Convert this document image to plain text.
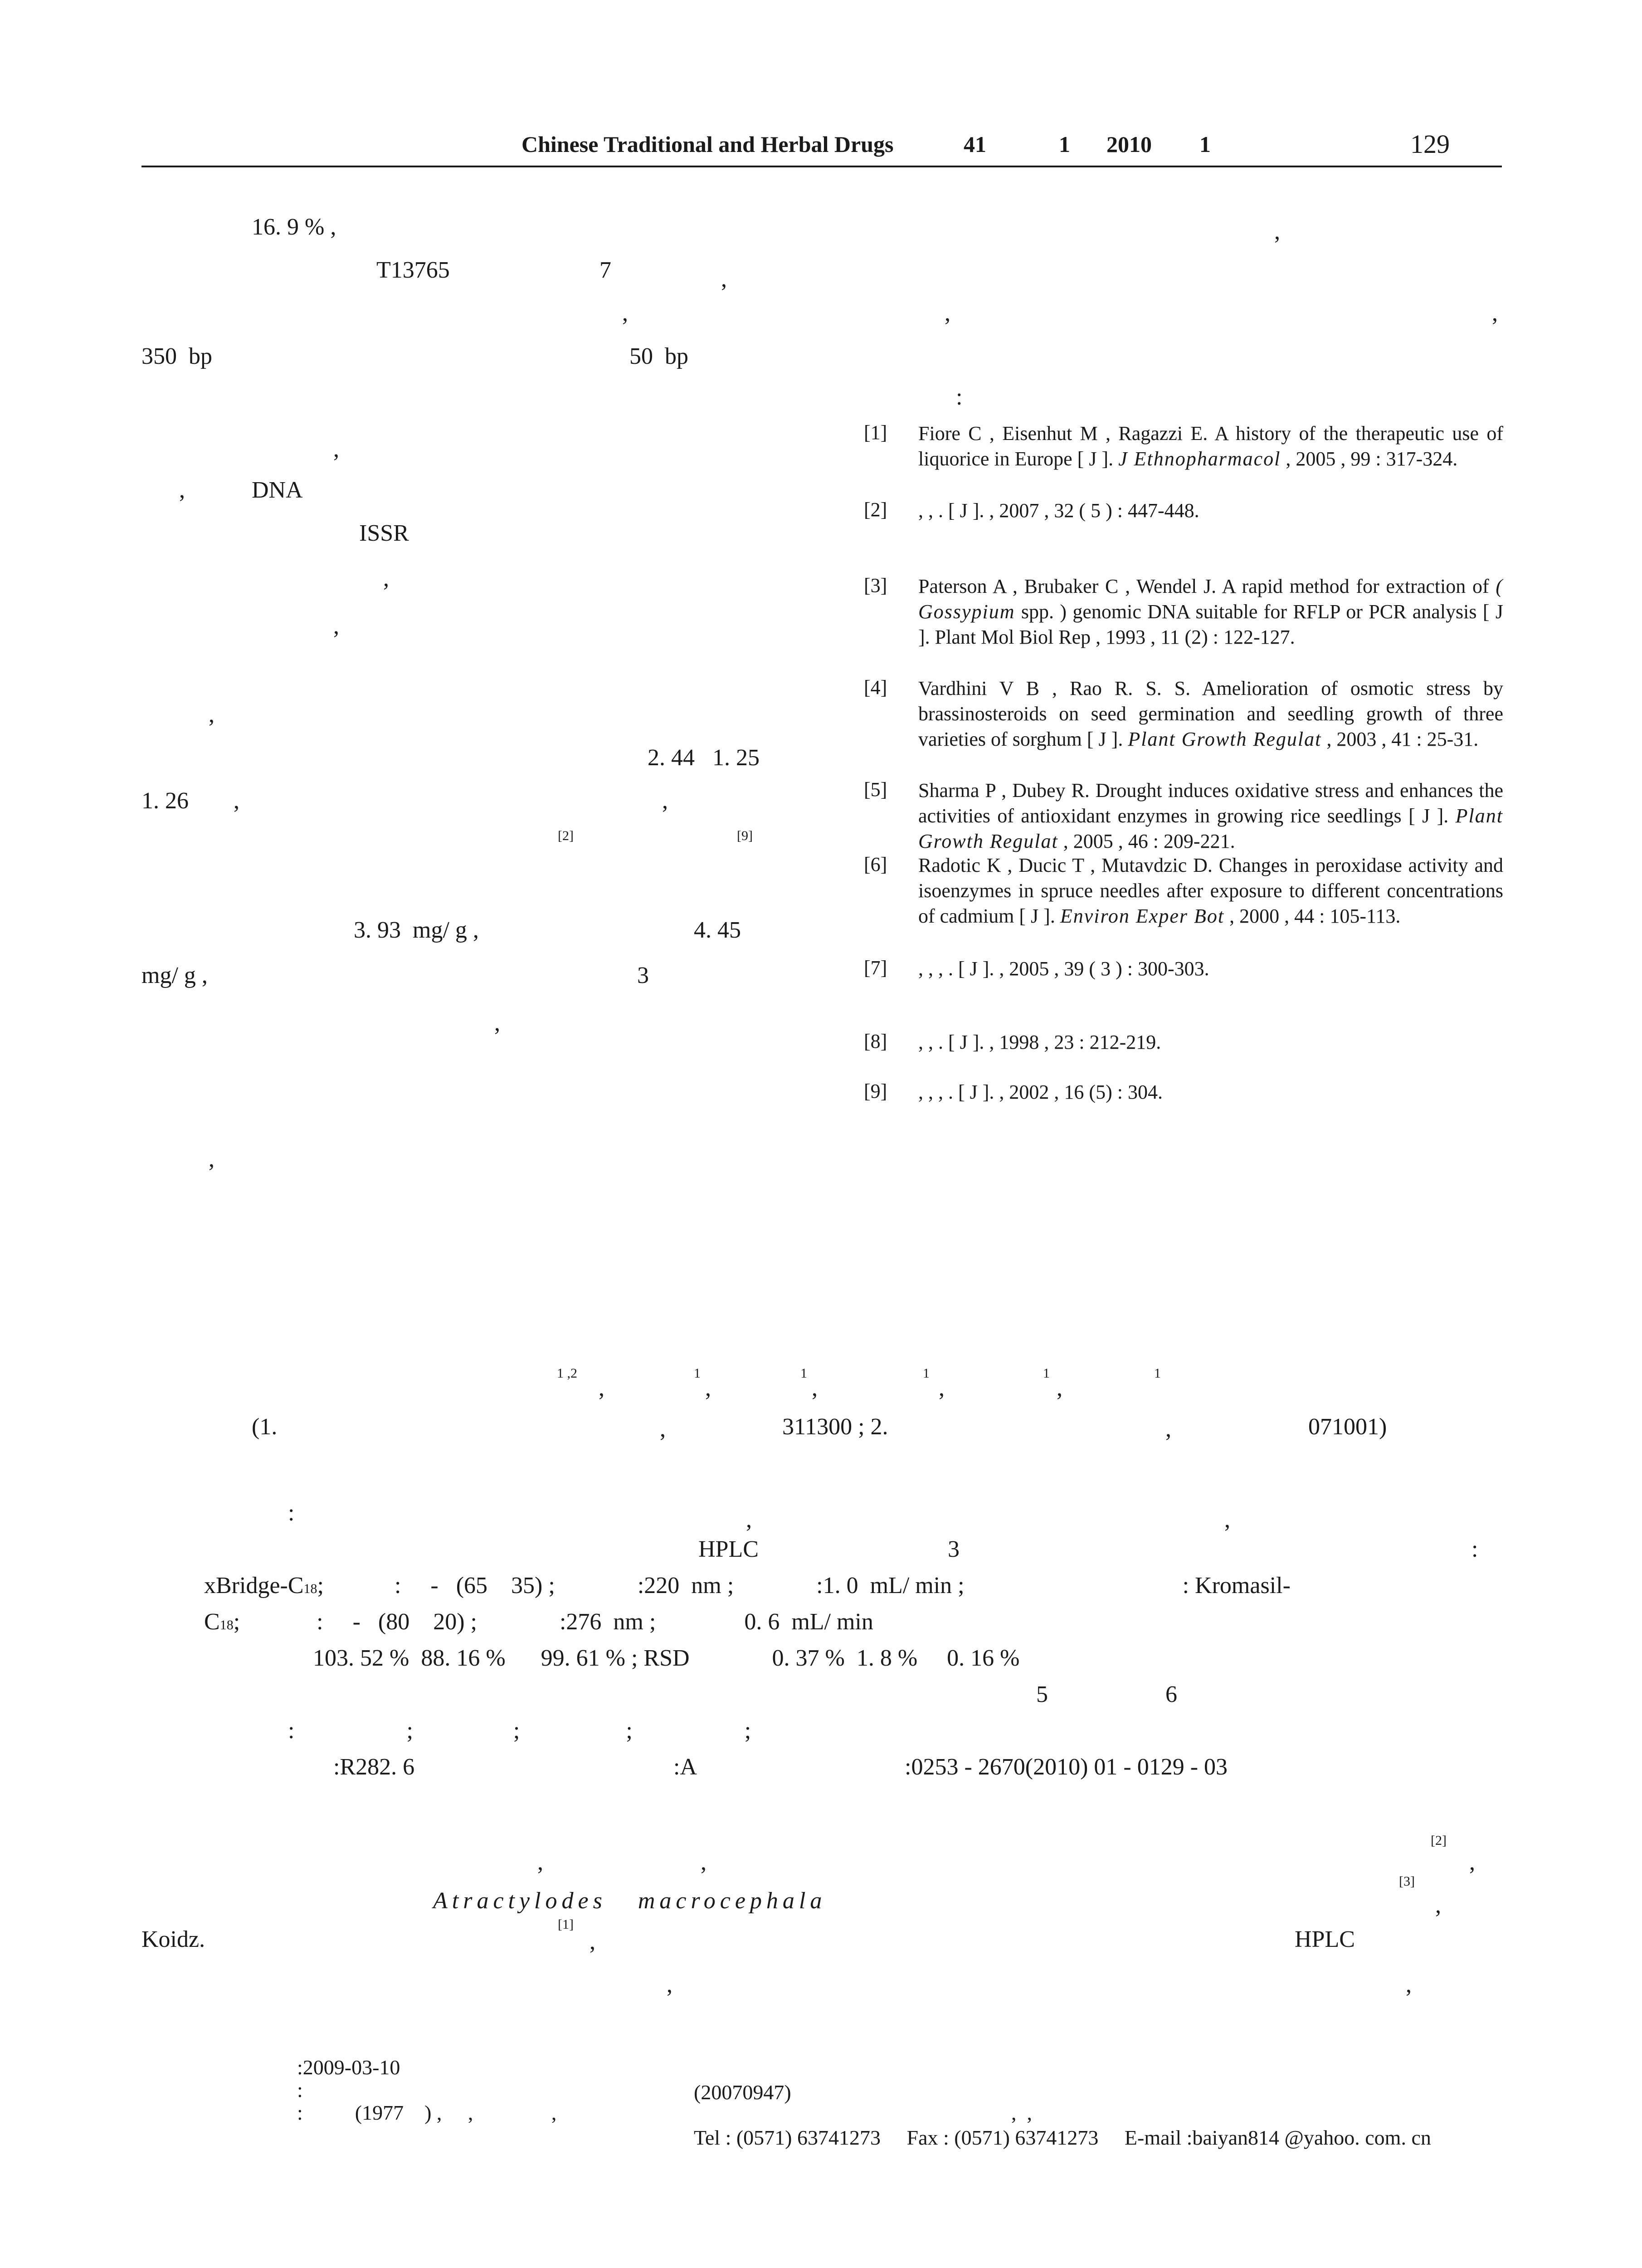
Chinese Traditional and Herbal Drugs	41	1 2010 1	129
16. 9 % ,
T13765	7	,
,
350  bp	50  bp
,
,	DNA
ISSR
,
,
,
2. 44   1. 25
1. 26 ,	,
[2]	[9]
3. 93  mg/ g ,	4. 45
mg/ g ,	3
,
,
,
,	,
:
[1] Fiore C , Eisenhut M , Ragazzi E. A history of the therapeutic use of liquorice in Europe [ J ]. J Ethnopharmacol , 2005 , 99 : 317-324.
[2] , , . [ J ]. , 2007 , 32 ( 5 ) : 447-448.
[3] Paterson A , Brubaker C , Wendel J. A rapid method for extraction of ( Gossypium spp. ) genomic DNA suitable for RFLP or PCR analysis [ J ]. Plant Mol Biol Rep , 1993 , 11 (2) : 122-127.
[4] Vardhini V B , Rao R. S. S. Amelioration of osmotic stress by brassinosteroids on seed germination and seedling growth of three varieties of sorghum [ J ]. Plant Growth Regulat , 2003 , 41 : 25-31.
[5] Sharma P , Dubey R. Drought induces oxidative stress and enhances the activities of antioxidant enzymes in growing rice seedlings [ J ]. Plant Growth Regulat , 2005 , 46 : 209-221.
[6] Radotic K , Ducic T , Mutavdzic D. Changes in peroxidase activity and isoenzymes in spruce needles after exposure to different concentrations of cadmium [ J ]. Environ Exper Bot , 2000 , 44 : 105-113.
[7] , , , . [ J ]. , 2005 , 39 ( 3 ) : 300-303.
[8] , , . [ J ]. , 1998 , 23 : 212-219.
[9] , , , . [ J ]. , 2002 , 16 (5) : 304.
1 ,2
,
1
,
1
,
1
,
1
,
1
(1.	,	311300 ; 2.	,	071001)
:	,	,
HPLC	3	:
xBridge-C18;            :     -   (65    35) ;              :220  nm ;              :1. 0  mL/ min ;                                     : Kromasil-
C18;             :     -   (80    20) ;              :276  nm ;               0. 6  mL/ min
103. 52 %  88. 16 %      99. 61 % ; RSD              0. 37 %  1. 8 %     0. 16 %
5	6
:                   ;                 ;                  ;                   ;
:R282. 6	:A	:0253 - 2670(2010) 01 - 0129 - 03
,	,
[2]
,
Atractylodes   macrocephala
[3]
,
Koidz.
[1]
,	HPLC
,	,
:2009-03-10
:	(20070947)
:          (1977    ) ,     ,               ,	,  ,
Tel : (0571) 63741273     Fax : (0571) 63741273     E-mail :baiyan814 @yahoo. com. cn
